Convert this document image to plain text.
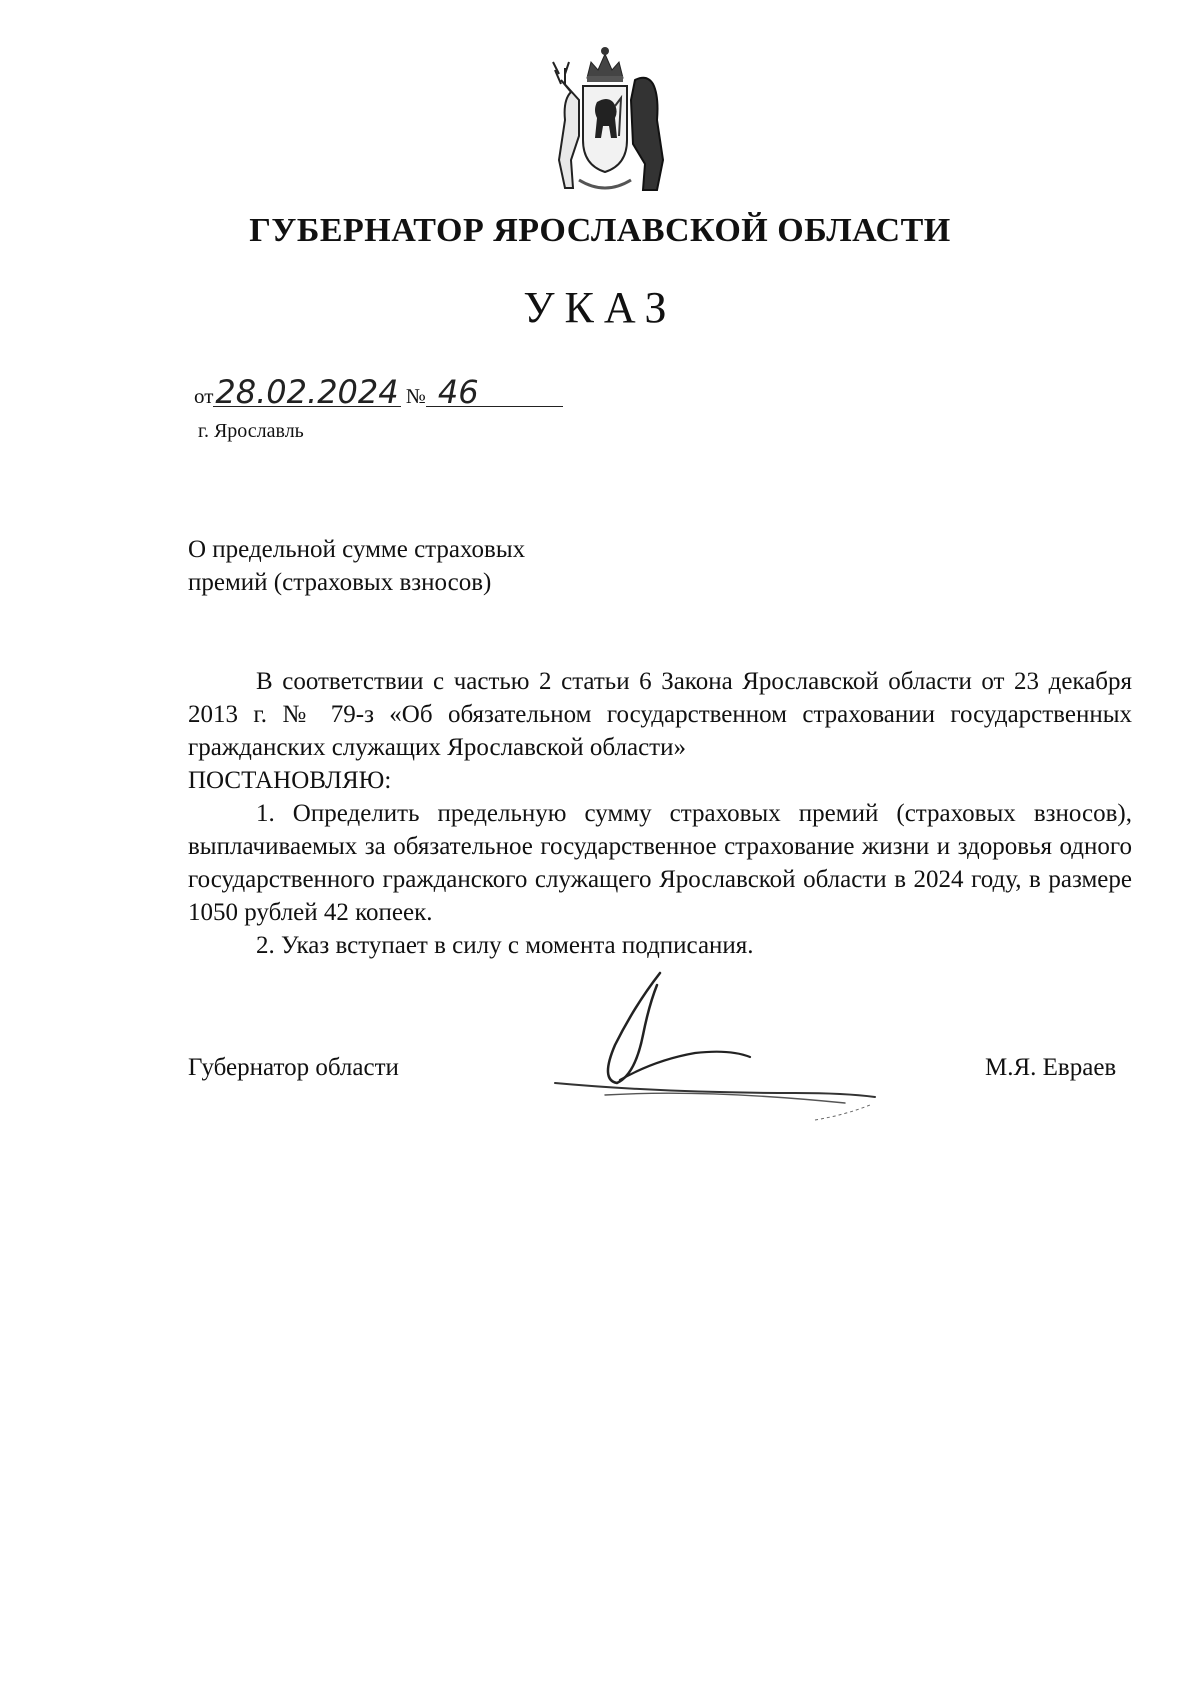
ГУБЕРНАТОР ЯРОСЛАВСКОЙ ОБЛАСТИ
УКАЗ
от28.02.2024 № 46
г. Ярославль
О предельной сумме страховых
премий (страховых взносов)

В соответствии с частью 2 статьи 6 Закона Ярославской области от 23 декабря 2013 г. № 79-з «Об обязательном государственном страховании государственных гражданских служащих Ярославской области»

ПОСТАНОВЛЯЮ:

1. Определить предельную сумму страховых премий (страховых взносов), выплачиваемых за обязательное государственное страхование жизни и здоровья одного государственного гражданского служащего Ярославской области в 2024 году, в размере 1050 рублей 42 копеек.

2. Указ вступает в силу с момента подписания.

Губернатор области	М.Я. Евраев
